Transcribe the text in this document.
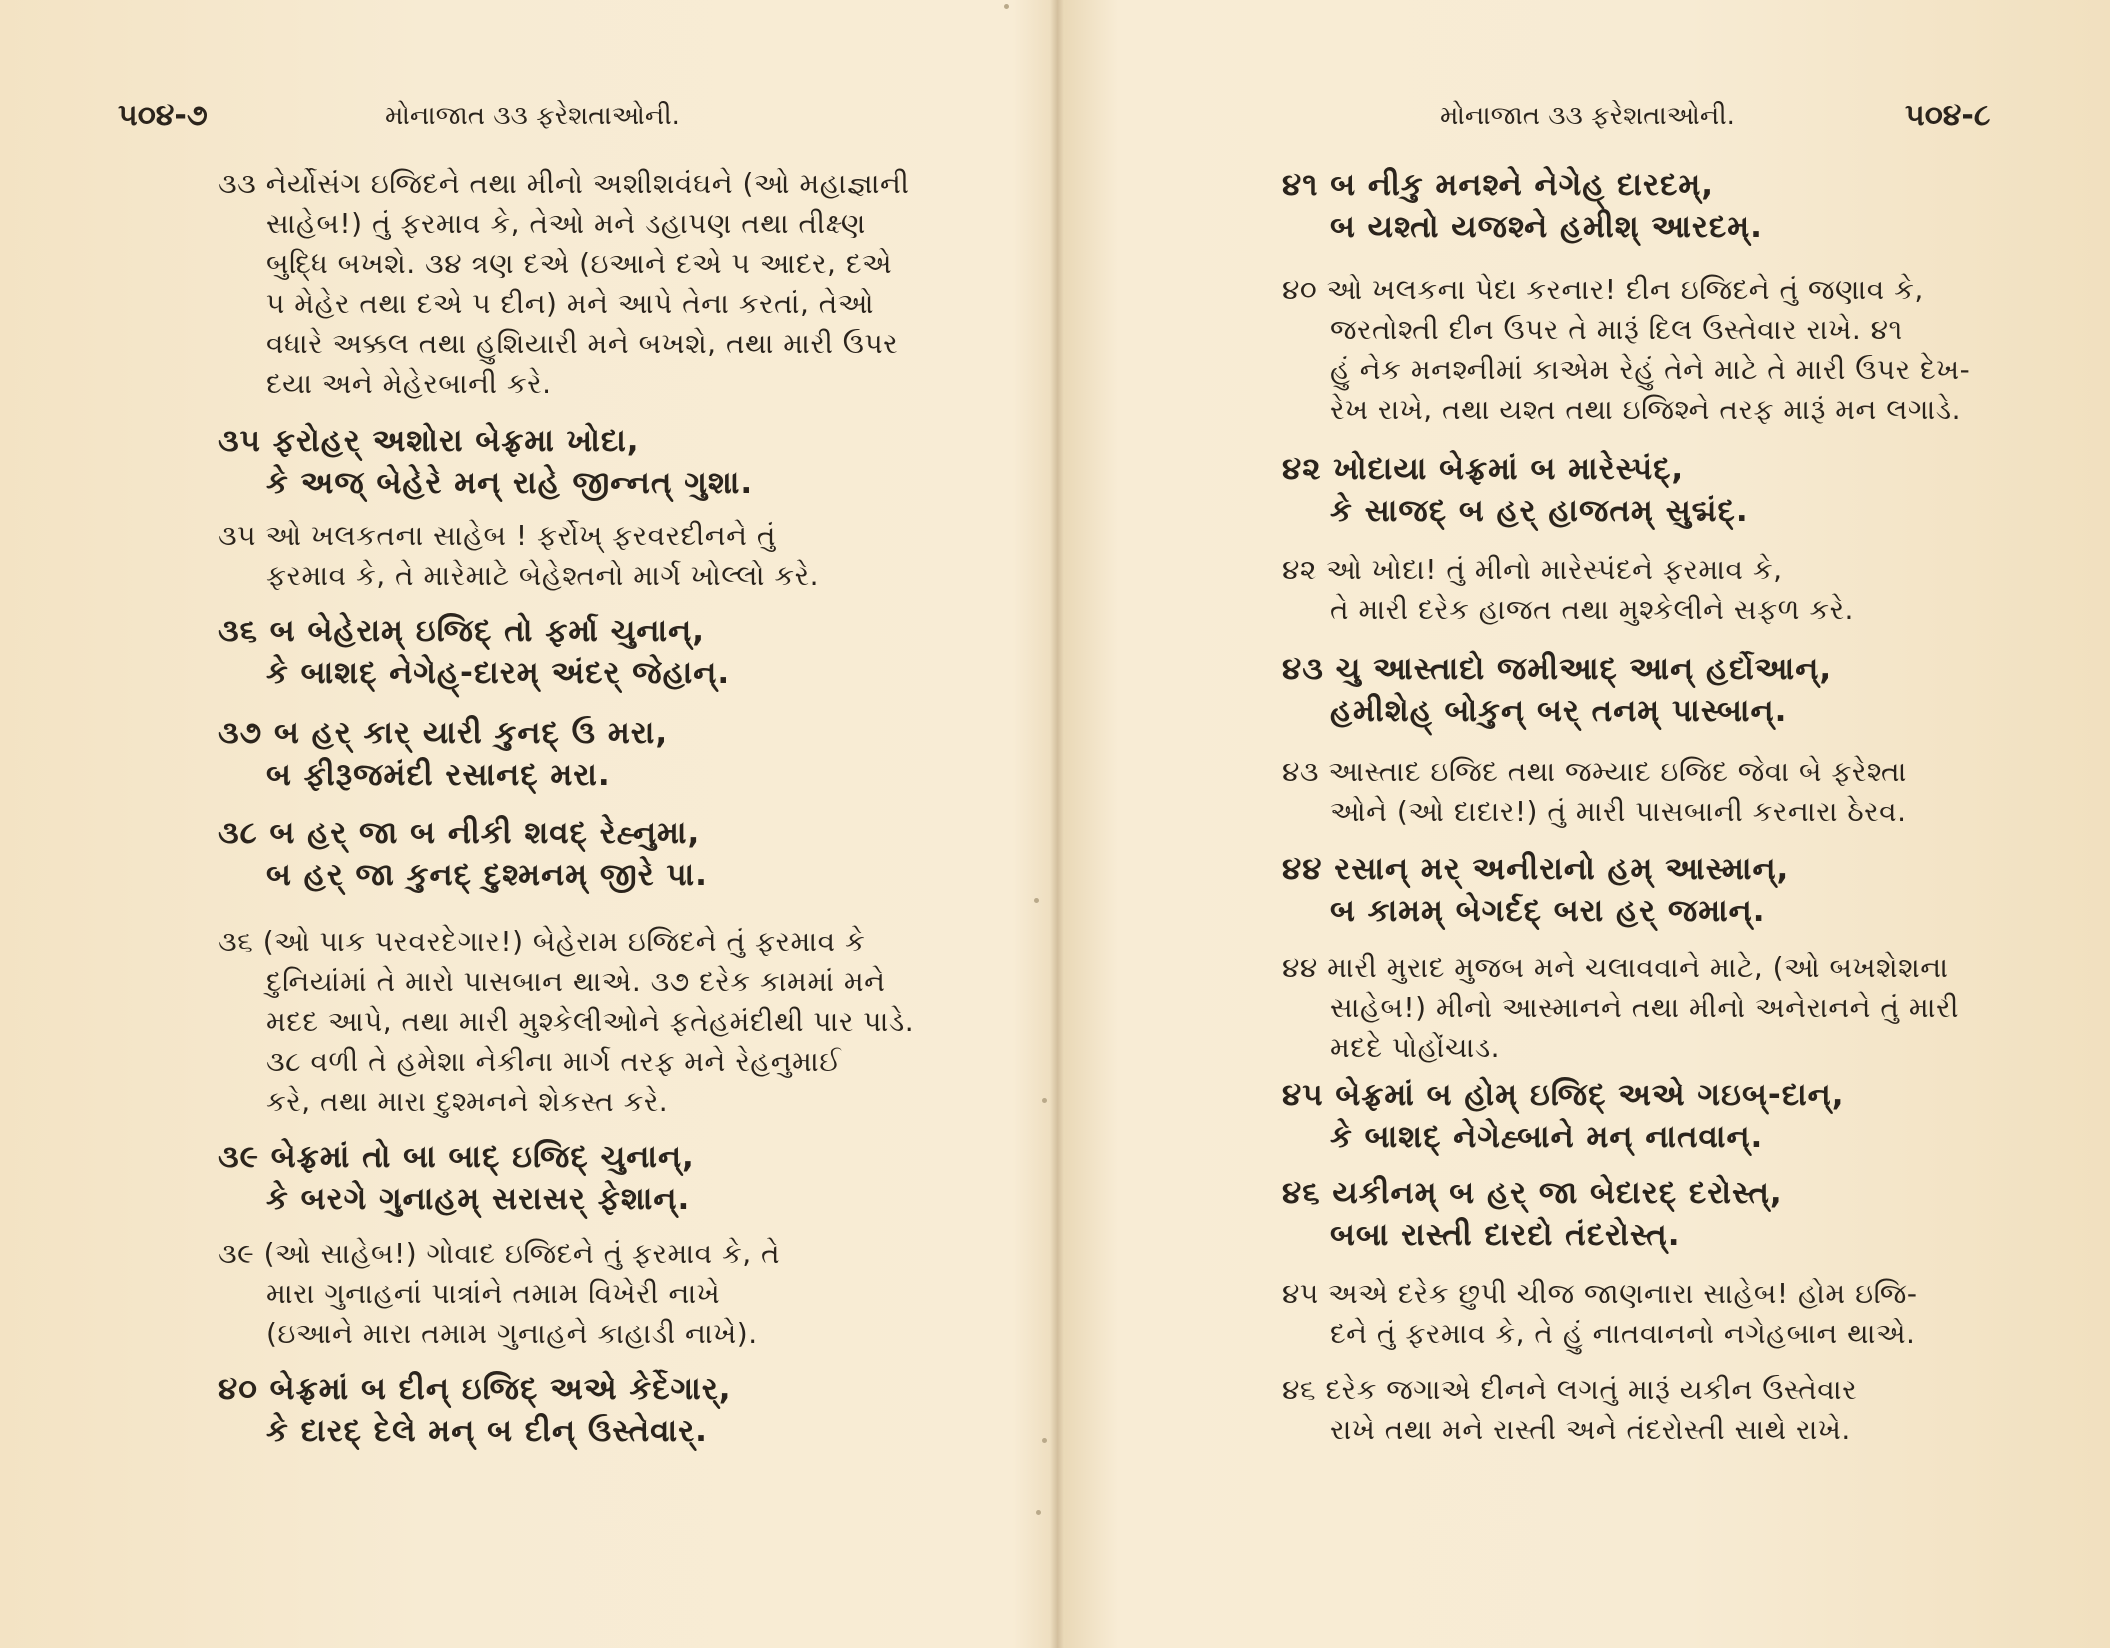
૫૦૪-૭	મોનાજાત ૩૩ ફરેશતાઓની.
૩૩ નેર્યોસંગ ઇજિદને તથા મીનો અશીશવંઘને (ઓ મહાજ્ઞાની
સાહેબ!) તું ફરમાવ કે, તેઓ મને ડહાપણ તથા તીક્ષ્ણ
બુદ્ધિ બખશે. ૩૪ ત્રણ દએ (ઇઆને દએ ૫ આદર, દએ
૫ મેહેર તથા દએ ૫ દીન) મને આપે તેના કરતાં, તેઓ
વધારે અક્કલ તથા હુશિયારી મને બખશે, તથા મારી ઉપર
દયા અને મેહેરબાની કરે.
૩૫ ફરોહર્ અશોરા બેફ્રમા ખોદા,
કે અજ્ બેહેરે મન્ રાહે જીન્નત્ ગુશા.
૩૫ ઓ ખલકતના સાહેબ ! ફર્રોખ્ ફરવરદીનને તું
ફરમાવ કે, તે મારેમાટે બેહેશ્તનો માર્ગ ખોલ્લો કરે.
૩૬ બ બેહેરામ્ ઇજિદ્ તો ફર્મા ચુનાન્,
કે બાશદ્ નેગેહ્-દારમ્ અંદર્ જેહાન્.
૩૭ બ હર્ કાર્ યારી કુનદ્ ઉ મરા,
બ ફીરૂજમંદી રસાનદ્ મરા.
૩૮ બ હર્ જા બ નીકી શવદ્ રેહ્નુમા,
બ હર્ જા કુનદ્ દુશ્મનમ્ જીરે પા.
૩૬ (ઓ પાક પરવરદેગાર!) બેહેરામ ઇજિદને તું ફરમાવ કે
દુનિયાંમાં તે મારો પાસબાન થાએ. ૩૭ દરેક કામમાં મને
મદદ આપે, તથા મારી મુશ્કેલીઓને ફતેહમંદીથી પાર પાડે.
૩૮ વળી તે હમેશા નેકીના માર્ગ તરફ મને રેહનુમાઈ
કરે, તથા મારા દુશ્મનને શેકસ્ત કરે.
૩૯ બેફ્રમાં તો બા બાદ્ ઇજિદ્ ચુનાન્,
કે બરગે ગુનાહમ્ સરાસર્ ફેશાન્.
૩૯ (ઓ સાહેબ!) ગોવાદ ઇજિદને તું ફરમાવ કે, તે
મારા ગુનાહનાં પાત્રાંને તમામ વિખેરી નાખે
(ઇઆને મારા તમામ ગુનાહને કાહાડી નાખે).
૪૦ બેફ્રમાં બ દીન્ ઇજિદ્ અએ કેર્દેગાર્,
કે દારદ્ દેલે મન્ બ દીન્ ઉસ્તેવાર્.
મોનાજાત ૩૩ ફરેશતાઓની.	૫૦૪-૮
૪૧ બ નીકુ મનશ્ને નેગેહ્ દારદમ્,
બ યશ્તો યજશ્ને હમીશ્ આરદમ્.
૪૦ ઓ ખલકના પેદા કરનાર! દીન ઇજિદને તું જણાવ કે,
જરતોશ્તી દીન ઉપર તે મારૂં દિલ ઉસ્તેવાર રાખે. ૪૧
હું નેક મનશ્નીમાં કાએમ રેહું તેને માટે તે મારી ઉપર દેખ-
રેખ રાખે, તથા યશ્ત તથા ઇજિશ્ને તરફ મારૂં મન લગાડે.
૪૨ ખોદાયા બેફ્રમાં બ મારેસ્પંદ્,
કે સાજદ્ બ હર્ હાજતમ્ સુદ્મંદ્.
૪૨ ઓ ખોદા! તું મીનો મારેસ્પંદને ફરમાવ કે,
તે મારી દરેક હાજત તથા મુશ્કેલીને સફળ કરે.
૪૩ ચુ આસ્તાદો જમીઆદ્ આન્ હર્દોઆન્,
હમીશેહ્ બોકુન્ બર્ તનમ્ પાસ્બાન્.
૪૩ આસ્તાદ ઇજિદ તથા જમ્યાદ ઇજિદ જેવા બે ફરેશ્તા
ઓને (ઓ દાદાર!) તું મારી પાસબાની કરનારા ઠેરવ.
૪૪ રસાન્ મર્ અનીરાનો હમ્ આસ્માન્,
બ કામમ્ બેગર્દદ્ બરા હર્ જમાન્.
૪૪ મારી મુરાદ મુજબ મને ચલાવવાને માટે, (ઓ બખશેશના
સાહેબ!) મીનો આસ્માનને તથા મીનો અનેરાનને તું મારી
મદદે પોહોંચાડ.
૪૫ બેફ્રમાં બ હોમ્ ઇજિદ્ અએ ગઇબ્-દાન્,
કે બાશદ્ નેગેહ્બાને મન્ નાતવાન્.
૪૬ યકીનમ્ બ હર્ જા બેદારદ્ દરોસ્ત્,
બબા રાસ્તી દારદો તંદરોસ્ત્.
૪૫ અએ દરેક છુપી ચીજ જાણનારા સાહેબ! હોમ ઇજિ-
દને તું ફરમાવ કે, તે હું નાતવાનનો નગેહબાન થાએ.
૪૬ દરેક જગાએ દીનને લગતું મારૂં યકીન ઉસ્તેવાર
રાખે તથા મને રાસ્તી અને તંદરોસ્તી સાથે રાખે.
